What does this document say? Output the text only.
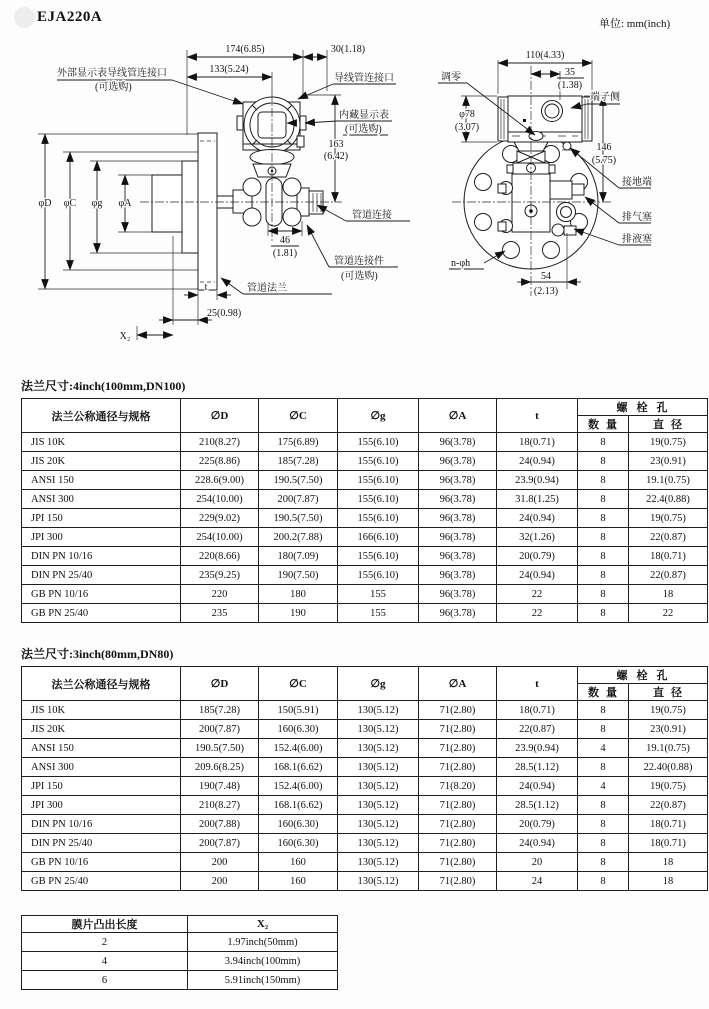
EJA220A	单位: mm(inch)
174(6.85)
133(5.24)
30(1.18)
φD φC φg φA
163
(6.42)
46
(1.81)
t
25(0.98)
X₂
外部显示表导线管连接口
(可选购)
导线管连接口
内藏显示表
(可选购)
管道连接
管道连接件
(可选购)
管道法兰
110(4.33)
35
(1.38)
φ78
(3.07)
146
(5.75)
54
(2.13)
调零
端子侧
接地端
排气塞
排液塞
n-φh
法兰尺寸:4inch(100mm,DN100)
法兰公称通径与规格	∅D	∅C	∅g	∅A	t	螺栓孔	
						数量	直径
JIS 10K	210(8.27)	175(6.89)	155(6.10)	96(3.78)	18(0.71)	8	19(0.75)
JIS 20K	225(8.86)	185(7.28)	155(6.10)	96(3.78)	24(0.94)	8	23(0.91)
ANSI 150	228.6(9.00)	190.5(7.50)	155(6.10)	96(3.78)	23.9(0.94)	8	19.1(0.75)
ANSI 300	254(10.00)	200(7.87)	155(6.10)	96(3.78)	31.8(1.25)	8	22.4(0.88)
JPI 150	229(9.02)	190.5(7.50)	155(6.10)	96(3.78)	24(0.94)	8	19(0.75)
JPI 300	254(10.00)	200.2(7.88)	166(6.10)	96(3.78)	32(1.26)	8	22(0.87)
DIN PN 10/16	220(8.66)	180(7.09)	155(6.10)	96(3.78)	20(0.79)	8	18(0.71)
DIN PN 25/40	235(9.25)	190(7.50)	155(6.10)	96(3.78)	24(0.94)	8	22(0.87)
GB PN 10/16	220	180	155	96(3.78)	22	8	18
GB PN 25/40	235	190	155	96(3.78)	22	8	22
法兰尺寸:3inch(80mm,DN80)
法兰公称通径与规格	∅D	∅C	∅g	∅A	t	螺栓孔	
						数量	直径
JIS 10K	185(7.28)	150(5.91)	130(5.12)	71(2.80)	18(0.71)	8	19(0.75)
JIS 20K	200(7.87)	160(6.30)	130(5.12)	71(2.80)	22(0.87)	8	23(0.91)
ANSI 150	190.5(7.50)	152.4(6.00)	130(5.12)	71(2.80)	23.9(0.94)	4	19.1(0.75)
ANSI 300	209.6(8.25)	168.1(6.62)	130(5.12)	71(2.80)	28.5(1.12)	8	22.40(0.88)
JPI 150	190(7.48)	152.4(6.00)	130(5.12)	71(8.20)	24(0.94)	4	19(0.75)
JPI 300	210(8.27)	168.1(6.62)	130(5.12)	71(2.80)	28.5(1.12)	8	22(0.87)
DIN PN 10/16	200(7.88)	160(6.30)	130(5.12)	71(2.80)	20(0.79)	8	18(0.71)
DIN PN 25/40	200(7.87)	160(6.30)	130(5.12)	71(2.80)	24(0.94)	8	18(0.71)
GB PN 10/16	200	160	130(5.12)	71(2.80)	20	8	18
GB PN 25/40	200	160	130(5.12)	71(2.80)	24	8	18
膜片凸出长度	X₂
2	1.97inch(50mm)
4	3.94inch(100mm)
6	5.91inch(150mm)
